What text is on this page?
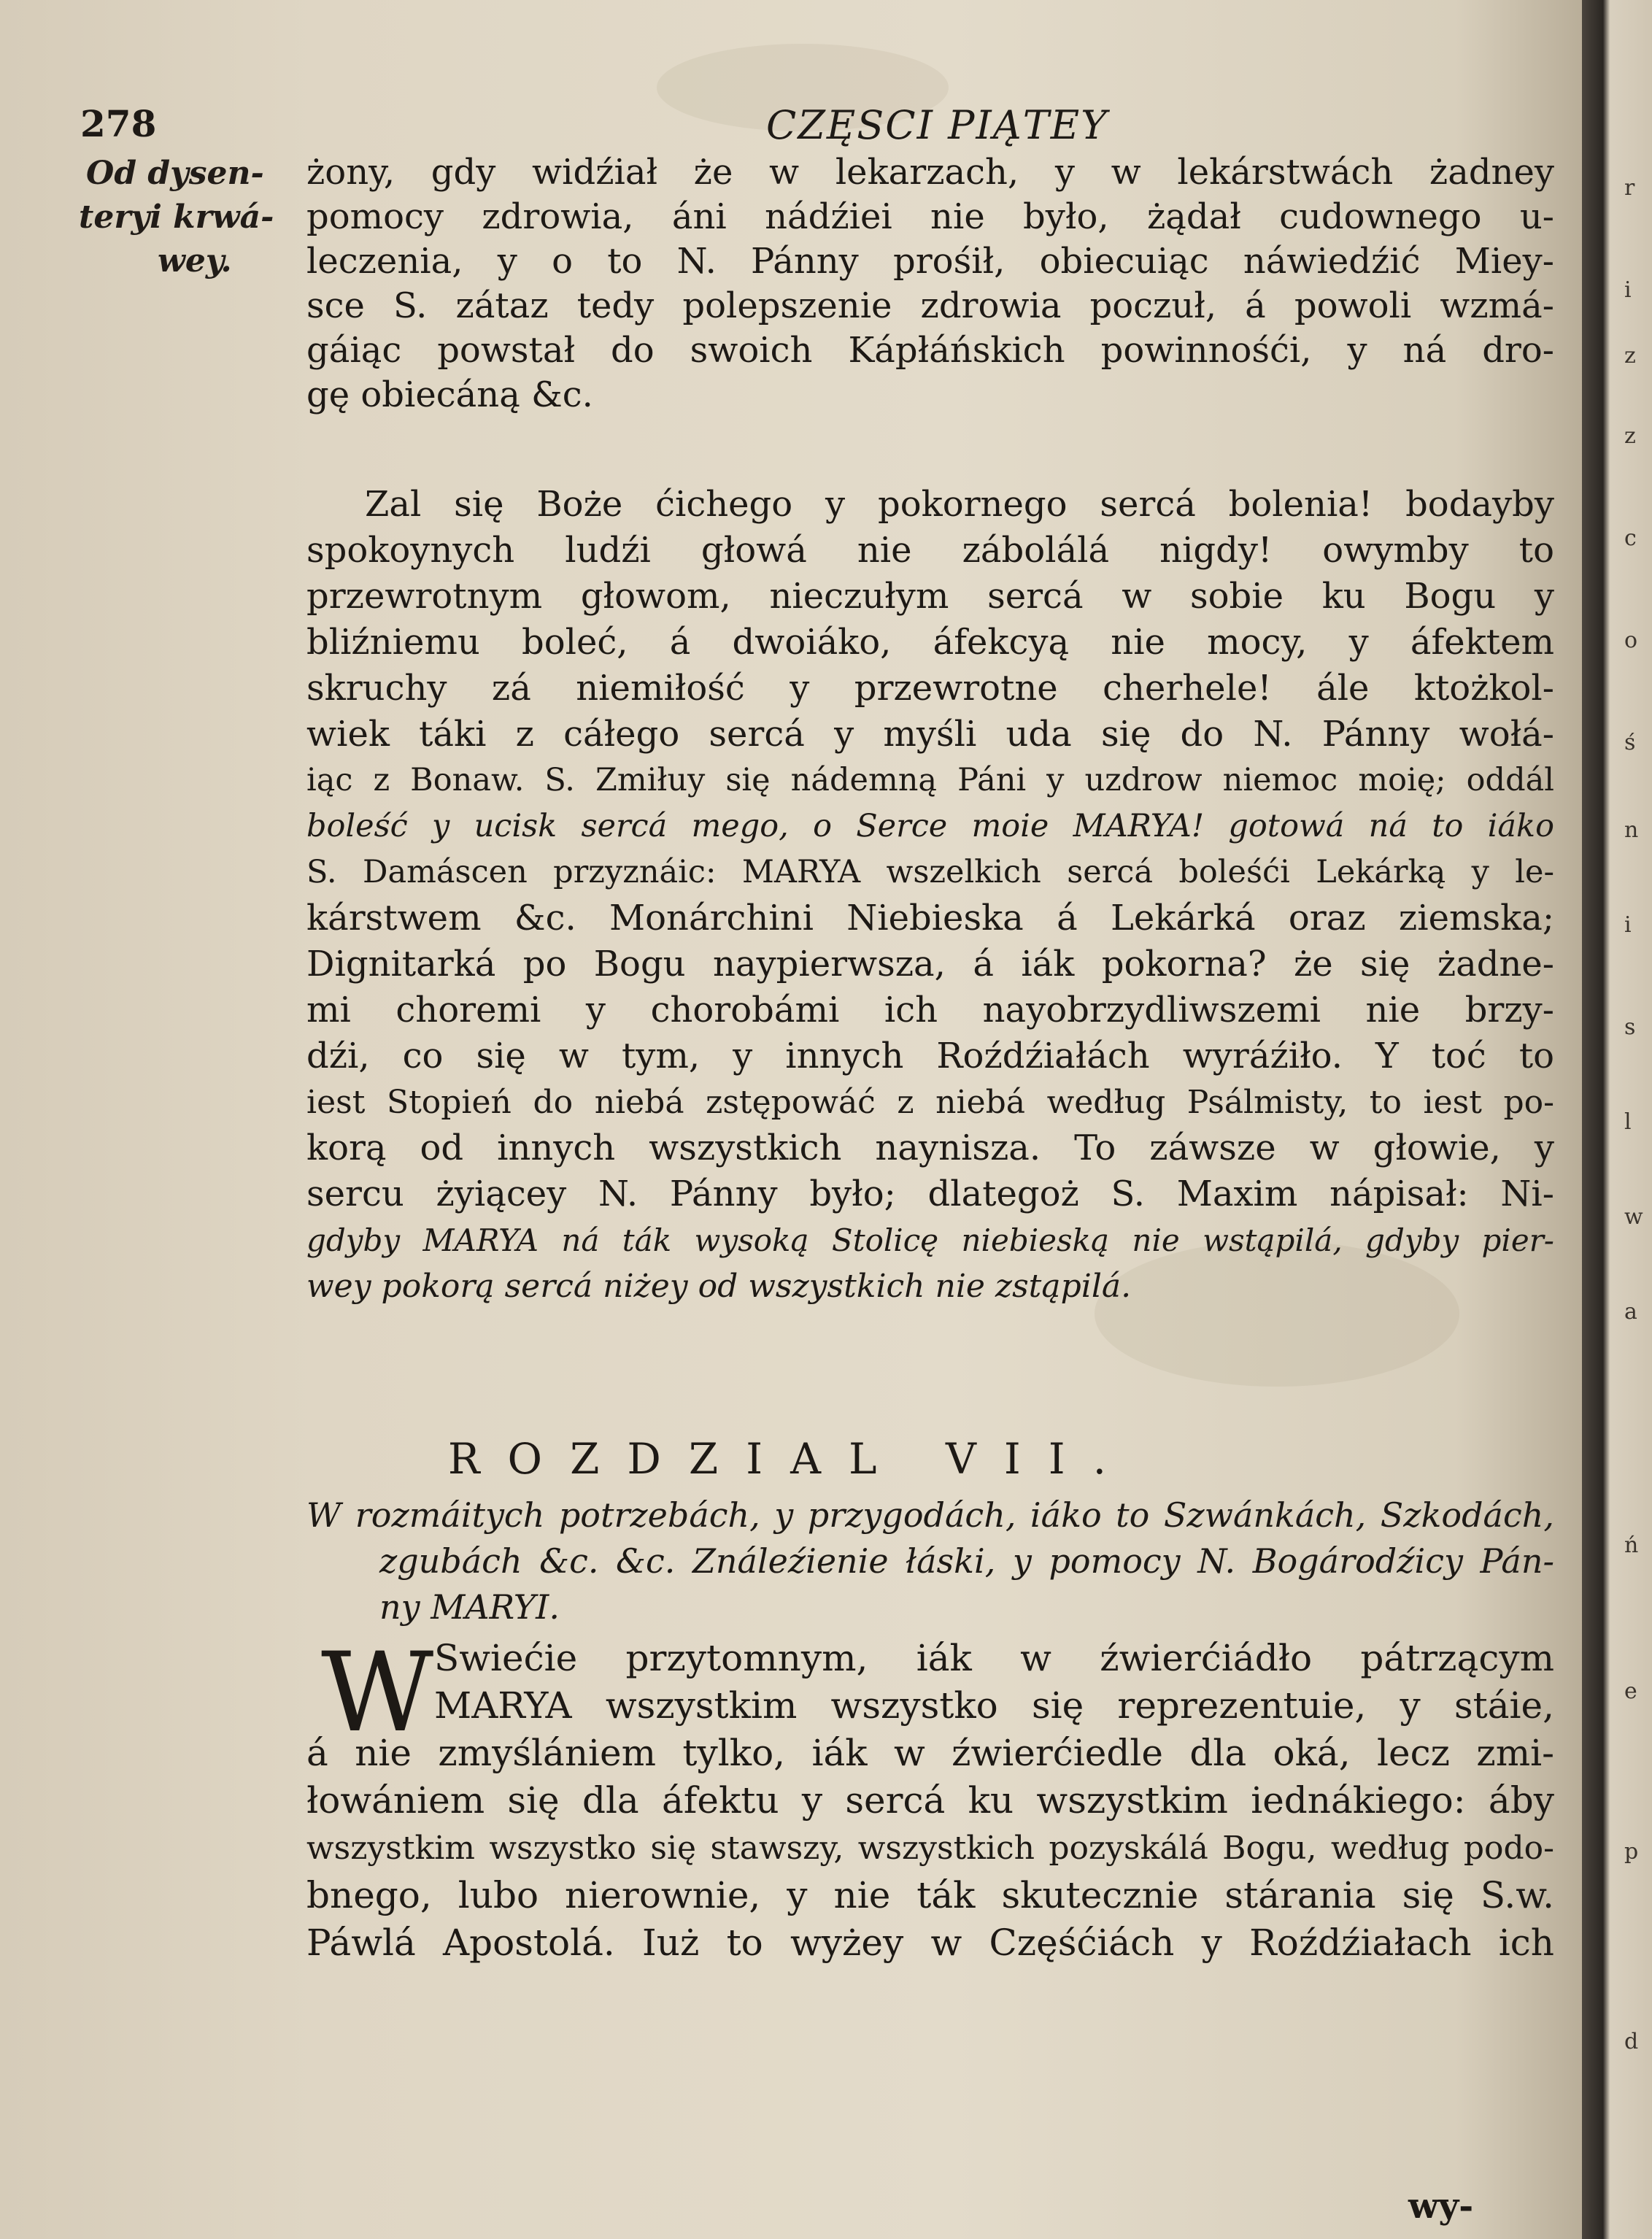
278	CZĘSCI PIĄTEY
Od dysen-
teryi krwá-
wey.
żony, gdy widźiał że w lekarzach, y w lekárstwách żadney
pomocy zdrowia, áni nádźiei nie było, żądał cudownego u-
leczenia, y o to N. Pánny prośił, obiecuiąc náwiedźić Miey-
sce S. zátaz tedy polepszenie zdrowia poczuł, á powoli wzmá-
gáiąc powstał do swoich Kápłáńskich powinnośći, y ná dro-
gę obiecáną &c.
Zal się Boże ćichego y pokornego sercá bolenia! bodayby
spokoynych ludźi głowá nie zábolálá nigdy! owymby to
przewrotnym głowom, nieczułym sercá w sobie ku Bogu y
bliźniemu boleć, á dwoiáko, áfekcyą nie mocy, y áfektem
skruchy zá niemiłość y przewrotne cherhele! ále ktożkol-
wiek táki z cáłego sercá y myśli uda się do N. Pánny wołá-
iąc z Bonaw. S. Zmiłuy się nádemną Páni y uzdrow niemoc moię; oddál
boleść y ucisk sercá mego, o Serce moie MARYA! gotowá ná to iáko
S. Damáscen przyznáic: MARYA wszelkich sercá boleśći Lekárką y le-
kárstwem &c. Monárchini Niebieska á Lekárká oraz ziemska;
Dignitarká po Bogu naypierwsza, á iák pokorna? że się żadne-
mi choremi y chorobámi ich nayobrzydliwszemi nie brzy-
dźi, co się w tym, y innych Roźdźiałách wyráźiło. Y toć to
iest Stopień do niebá zstępowáć z niebá według Psálmisty, to iest po-
korą od innych wszystkich naynisza. To záwsze w głowie, y
sercu żyiącey N. Pánny było; dlategoż S. Maxim nápisał: Ni-
gdyby MARYA ná ták wysoką Stolicę niebieską nie wstąpilá, gdyby pier-
wey pokorą sercá niżey od wszystkich nie zstąpilá.
ROZDZIAL VII.
W rozmáitych potrzebách, y przygodách, iáko to Szwánkách, Szkodách,
zgubách &c. &c. Ználeźienie łáski, y pomocy N. Bogárodźicy Pán-
ny MARYI.
W Swiećie przytomnym, iák w źwierćiádło pátrzącym
MARYA wszystkim wszystko się reprezentuie, y stáie,
á nie zmyślániem tylko, iák w źwierćiedle dla oká, lecz zmi-
łowániem się dla áfektu y sercá ku wszystkim iednákiego: áby
wszystkim wszystko się stawszy, wszystkich pozyskálá Bogu, według podo-
bnego, lubo nierownie, y nie ták skutecznie stárania się S.w.
Páwlá Apostolá. Iuż to wyżey w Częśćiách y Roźdźiałach ich
wy-
r
i
z
z
c
o
ś
n
i
s
l
w
a
ń
e
p
d
